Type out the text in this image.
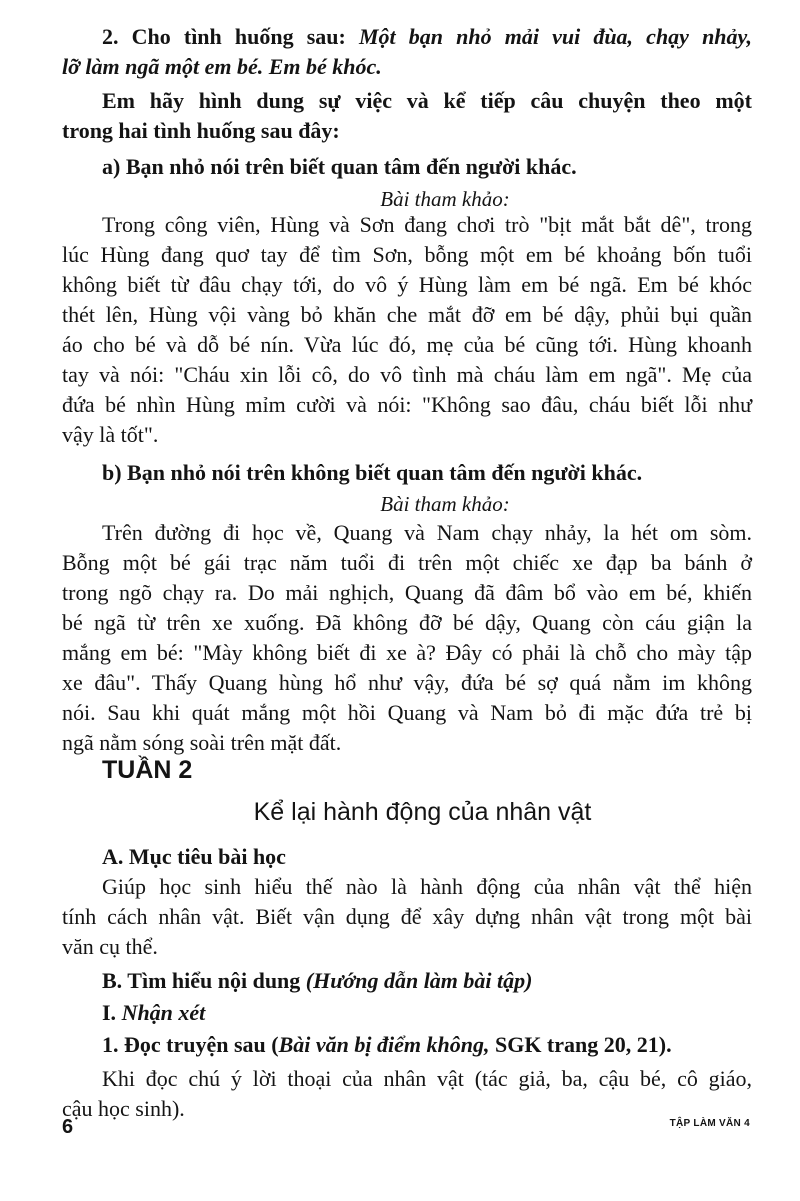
2. Cho tình huống sau: Một bạn nhỏ mải vui đùa, chạy nhảy,
lỡ làm ngã một em bé. Em bé khóc.
Em hãy hình dung sự việc và kể tiếp câu chuyện theo một
trong hai tình huống sau đây:
a) Bạn nhỏ nói trên biết quan tâm đến người khác.
Bài tham khảo:
Trong công viên, Hùng và Sơn đang chơi trò "bịt mắt bắt dê", trong
lúc Hùng đang quơ tay để tìm Sơn, bỗng một em bé khoảng bốn tuổi
không biết từ đâu chạy tới, do vô ý Hùng làm em bé ngã. Em bé khóc
thét lên, Hùng vội vàng bỏ khăn che mắt đỡ em bé dậy, phủi bụi quần
áo cho bé và dỗ bé nín. Vừa lúc đó, mẹ của bé cũng tới. Hùng khoanh
tay và nói: "Cháu xin lỗi cô, do vô tình mà cháu làm em ngã". Mẹ của
đứa bé nhìn Hùng mỉm cười và nói: "Không sao đâu, cháu biết lỗi như
vậy là tốt".
b) Bạn nhỏ nói trên không biết quan tâm đến người khác.
Bài tham khảo:
Trên đường đi học về, Quang và Nam chạy nhảy, la hét om sòm.
Bỗng một bé gái trạc năm tuổi đi trên một chiếc xe đạp ba bánh ở
trong ngõ chạy ra. Do mải nghịch, Quang đã đâm bổ vào em bé, khiến
bé ngã từ trên xe xuống. Đã không đỡ bé dậy, Quang còn cáu giận la
mắng em bé: "Mày không biết đi xe à? Đây có phải là chỗ cho mày tập
xe đâu". Thấy Quang hùng hổ như vậy, đứa bé sợ quá nằm im không
nói. Sau khi quát mắng một hồi Quang và Nam bỏ đi mặc đứa trẻ bị
ngã nằm sóng soài trên mặt đất.
TUẦN 2
Kể lại hành động của nhân vật
A. Mục tiêu bài học
Giúp học sinh hiểu thế nào là hành động của nhân vật thể hiện
tính cách nhân vật. Biết vận dụng để xây dựng nhân vật trong một bài
văn cụ thể.
B. Tìm hiểu nội dung (Hướng dẫn làm bài tập)
I. Nhận xét
1. Đọc truyện sau (Bài văn bị điểm không, SGK trang 20, 21).
Khi đọc chú ý lời thoại của nhân vật (tác giả, ba, cậu bé, cô giáo,
cậu học sinh).
6	TẬP LÀM VĂN 4
